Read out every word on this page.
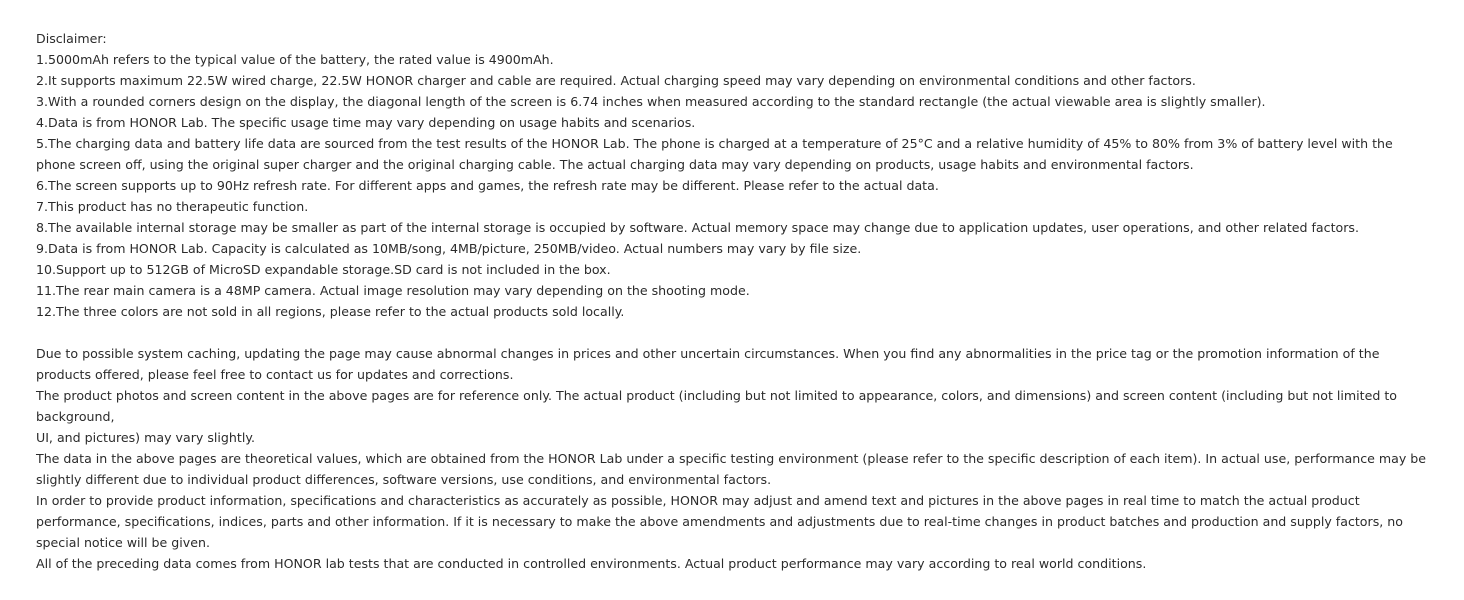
Disclaimer:

1.5000mAh refers to the typical value of the battery, the rated value is 4900mAh.

2.It supports maximum 22.5W wired charge, 22.5W HONOR charger and cable are required. Actual charging speed may vary depending on environmental conditions and other factors.

3.With a rounded corners design on the display, the diagonal length of the screen is 6.74 inches when measured according to the standard rectangle (the actual viewable area is slightly smaller).

4.Data is from HONOR Lab. The specific usage time may vary depending on usage habits and scenarios.

5.The charging data and battery life data are sourced from the test results of the HONOR Lab. The phone is charged at a temperature of 25°C and a relative humidity of 45% to 80% from 3% of battery level with the phone screen off, using the original super charger and the original charging cable. The actual charging data may vary depending on products, usage habits and environmental factors.

6.The screen supports up to 90Hz refresh rate. For different apps and games, the refresh rate may be different. Please refer to the actual data.

7.This product has no therapeutic function.

8.The available internal storage may be smaller as part of the internal storage is occupied by software. Actual memory space may change due to application updates, user operations, and other related factors.

9.Data is from HONOR Lab. Capacity is calculated as 10MB/song, 4MB/picture, 250MB/video. Actual numbers may vary by file size.

10.Support up to 512GB of MicroSD expandable storage.SD card is not included in the box.

11.The rear main camera is a 48MP camera. Actual image resolution may vary depending on the shooting mode.

12.The three colors are not sold in all regions, please refer to the actual products sold locally.

Due to possible system caching, updating the page may cause abnormal changes in prices and other uncertain circumstances. When you find any abnormalities in the price tag or the promotion information of the products offered, please feel free to contact us for updates and corrections.

The product photos and screen content in the above pages are for reference only. The actual product (including but not limited to appearance, colors, and dimensions) and screen content (including but not limited to background,

UI, and pictures) may vary slightly.

The data in the above pages are theoretical values, which are obtained from the HONOR Lab under a specific testing environment (please refer to the specific description of each item). In actual use, performance may be slightly different due to individual product differences, software versions, use conditions, and environmental factors.

In order to provide product information, specifications and characteristics as accurately as possible, HONOR may adjust and amend text and pictures in the above pages in real time to match the actual product performance, specifications, indices, parts and other information. If it is necessary to make the above amendments and adjustments due to real-time changes in product batches and production and supply factors, no special notice will be given.

All of the preceding data comes from HONOR lab tests that are conducted in controlled environments. Actual product performance may vary according to real world conditions.
